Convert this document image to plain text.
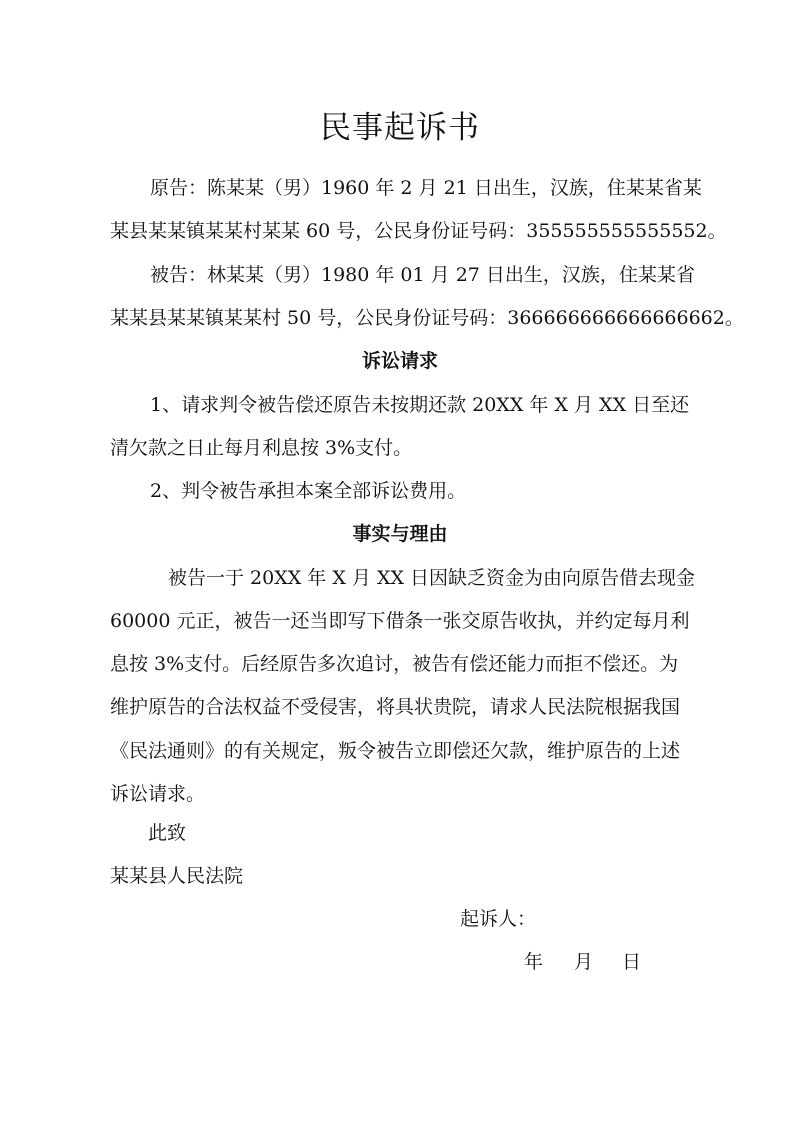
民事起诉书
原告：陈某某（男）1960 年 2 月 21 日出生，汉族，住某某省某
某县某某镇某某村某某 60 号，公民身份证号码：355555555555552。
被告：林某某（男）1980 年 01 月 27 日出生，汉族，住某某省
某某县某某镇某某村 50 号，公民身份证号码：366666666666666662。
诉讼请求
1、请求判令被告偿还原告未按期还款 20XX 年 X 月 XX 日至还
清欠款之日止每月利息按 3%支付。
2、判令被告承担本案全部诉讼费用。
事实与理由
被告一于 20XX 年 X 月 XX 日因缺乏资金为由向原告借去现金
60000 元正，被告一还当即写下借条一张交原告收执，并约定每月利
息按 3%支付。后经原告多次追讨，被告有偿还能力而拒不偿还。为
维护原告的合法权益不受侵害，将具状贵院，请求人民法院根据我国
《民法通则》的有关规定，叛令被告立即偿还欠款，维护原告的上述
诉讼请求。
此致
某某县人民法院
起诉人：
年 月 日
